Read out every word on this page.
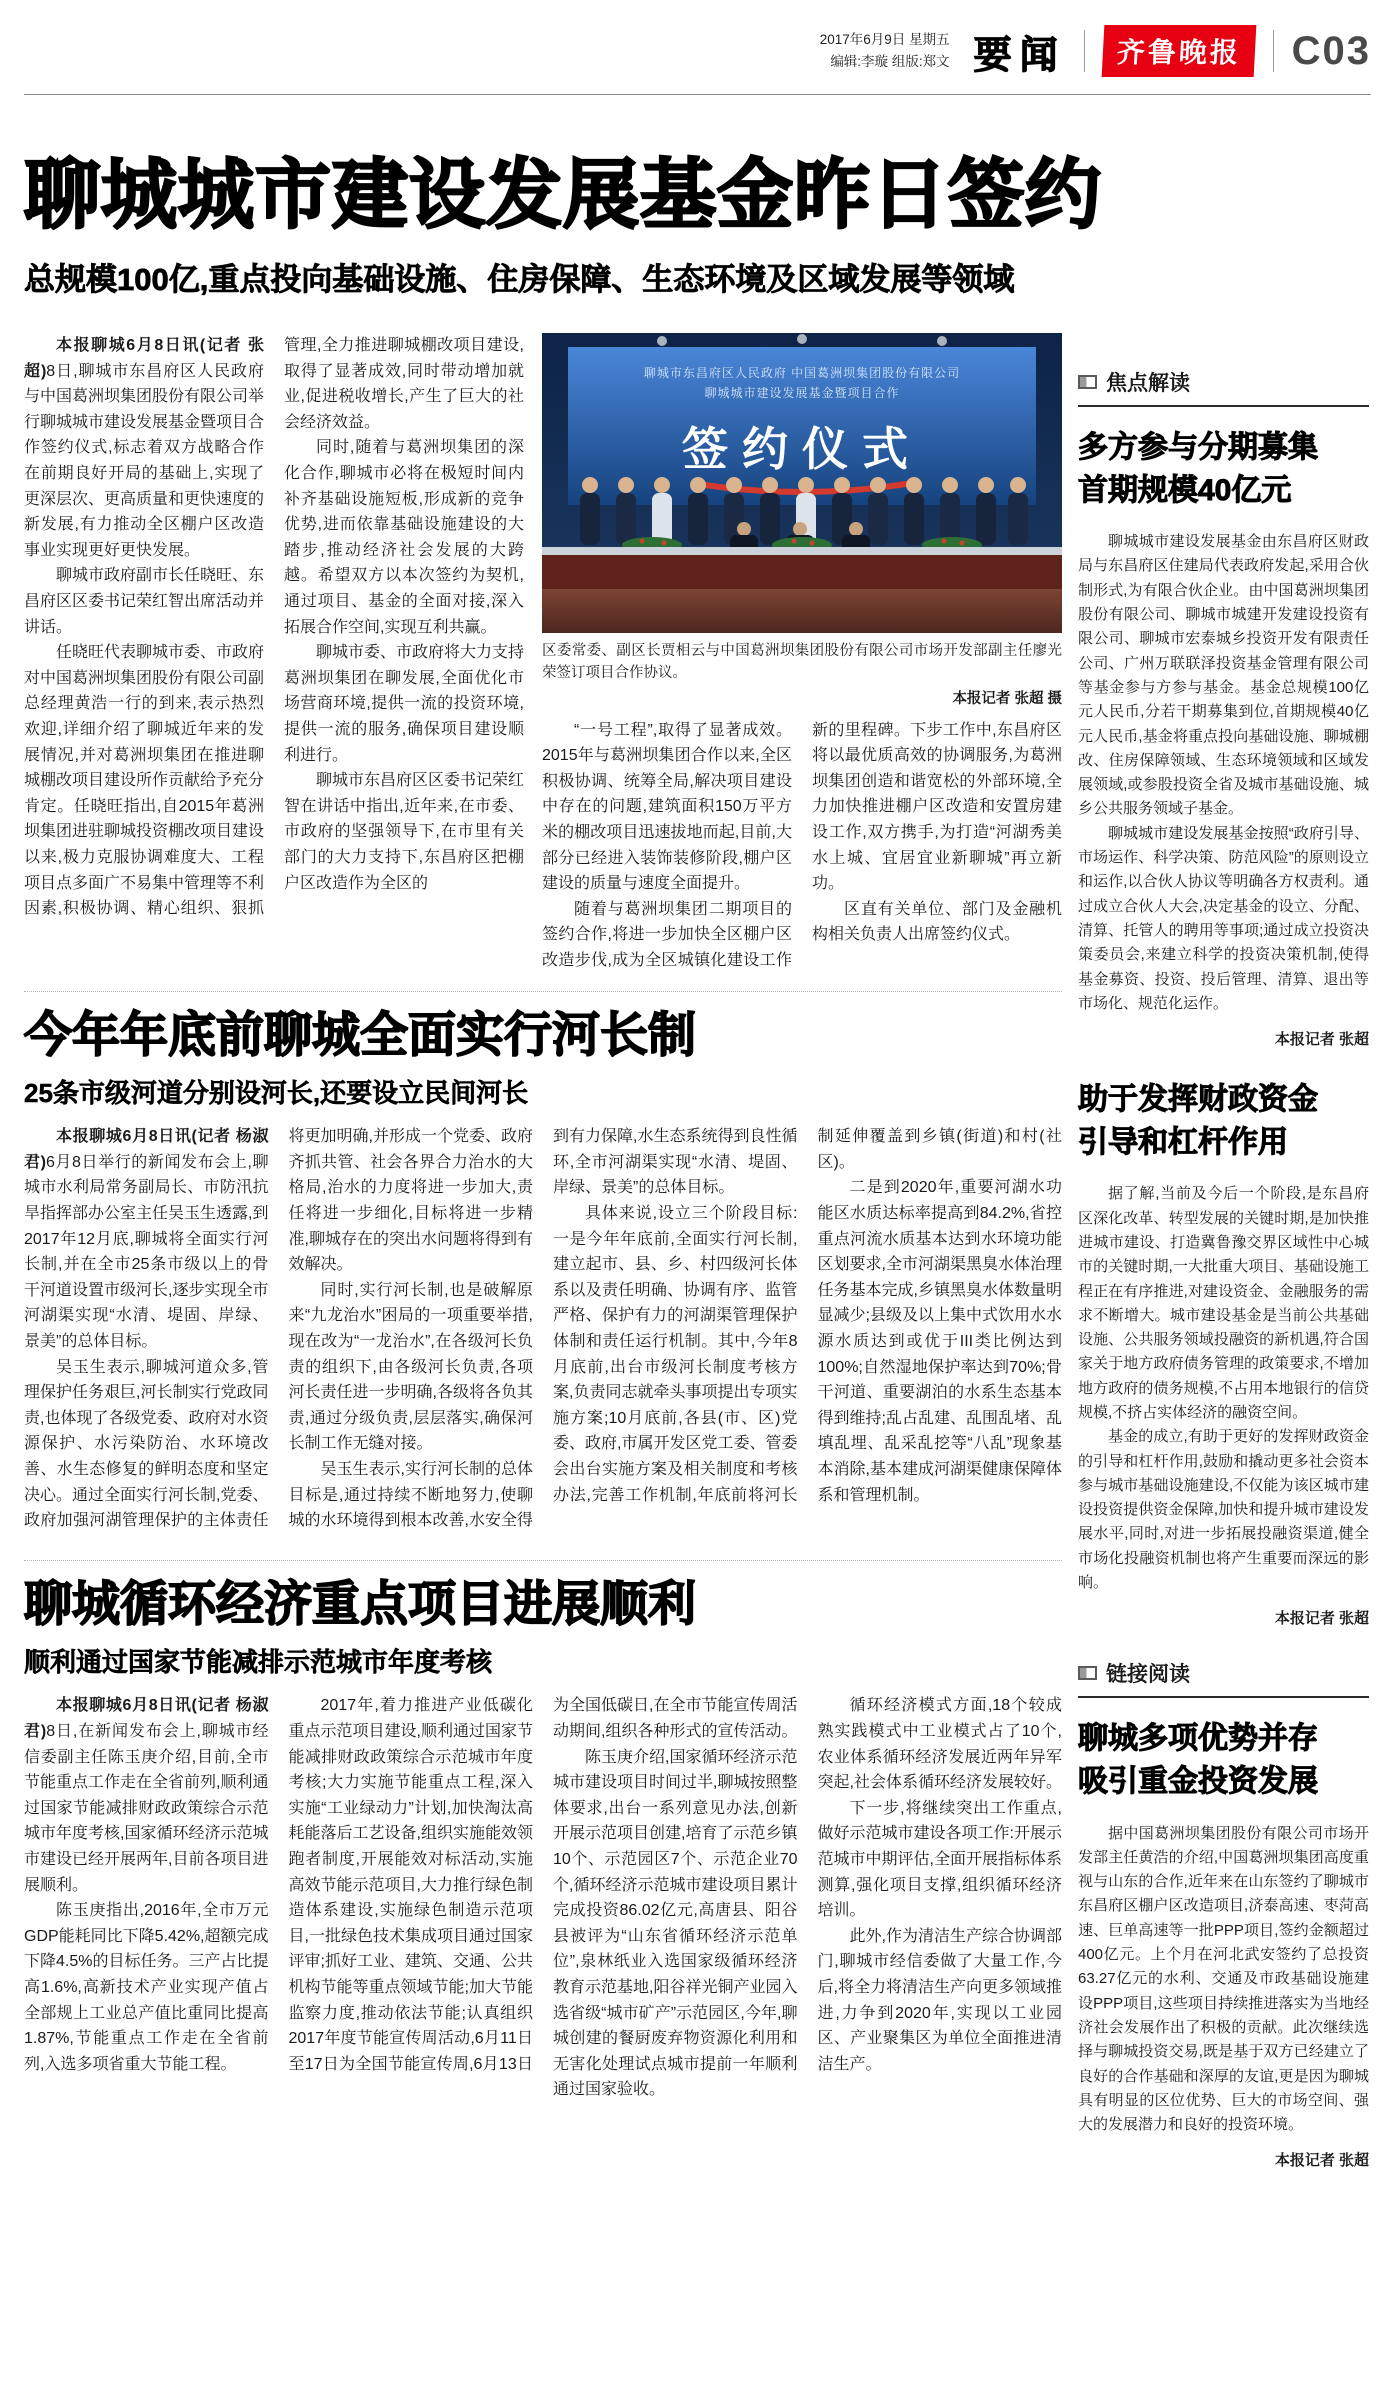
2017年6月9日 星期五
编辑:李璇 组版:郑文 要闻	齐鲁晚报	C03
聊城城市建设发展基金昨日签约
总规模100亿,重点投向基础设施、住房保障、生态环境及区域发展等领域

本报聊城6月8日讯(记者 张超)8日,聊城市东昌府区人民政府与中国葛洲坝集团股份有限公司举行聊城城市建设发展基金暨项目合作签约仪式,标志着双方战略合作在前期良好开局的基础上,实现了更深层次、更高质量和更快速度的新发展,有力推动全区棚户区改造事业实现更好更快发展。

聊城市政府副市长任晓旺、东昌府区区委书记荣红智出席活动并讲话。

任晓旺代表聊城市委、市政府对中国葛洲坝集团股份有限公司副总经理黄浩一行的到来,表示热烈欢迎,详细介绍了聊城近年来的发展情况,并对葛洲坝集团在推进聊城棚改项目建设所作贡献给予充分肯定。任晓旺指出,自2015年葛洲坝集团进驻聊城投资棚改项目建设以来,极力克服协调难度大、工程项目点多面广不易集中管理等不利因素,积极协调、精心组织、狠抓管理,全力推进聊城棚改项目建设,取得了显著成效,同时带动增加就业,促进税收增长,产生了巨大的社会经济效益。

同时,随着与葛洲坝集团的深化合作,聊城市必将在极短时间内补齐基础设施短板,形成新的竞争优势,进而依靠基础设施建设的大踏步,推动经济社会发展的大跨越。希望双方以本次签约为契机,通过项目、基金的全面对接,深入拓展合作空间,实现互利共赢。

聊城市委、市政府将大力支持葛洲坝集团在聊发展,全面优化市场营商环境,提供一流的投资环境,提供一流的服务,确保项目建设顺利进行。

聊城市东昌府区区委书记荣红智在讲话中指出,近年来,在市委、市政府的坚强领导下,在市里有关部门的大力支持下,东昌府区把棚户区改造作为全区的

聊城市东昌府区人民政府 中国葛洲坝集团股份有限公司
聊城城市建设发展基金暨项目合作
签约仪式

区委常委、副区长贾相云与中国葛洲坝集团股份有限公司市场开发部副主任廖光荣签订项目合作协议。

本报记者 张超 摄

“一号工程”,取得了显著成效。2015年与葛洲坝集团合作以来,全区积极协调、统筹全局,解决项目建设中存在的问题,建筑面积150万平方米的棚改项目迅速拔地而起,目前,大部分已经进入装饰装修阶段,棚户区建设的质量与速度全面提升。

随着与葛洲坝集团二期项目的签约合作,将进一步加快全区棚户区改造步伐,成为全区城镇化建设工作新的里程碑。下步工作中,东昌府区将以最优质高效的协调服务,为葛洲坝集团创造和谐宽松的外部环境,全力加快推进棚户区改造和安置房建设工作,双方携手,为打造“河湖秀美水上城、宜居宜业新聊城”再立新功。

区直有关单位、部门及金融机构相关负责人出席签约仪式。

今年年底前聊城全面实行河长制
25条市级河道分别设河长,还要设立民间河长

本报聊城6月8日讯(记者 杨淑君)6月8日举行的新闻发布会上,聊城市水利局常务副局长、市防汛抗旱指挥部办公室主任吴玉生透露,到2017年12月底,聊城将全面实行河长制,并在全市25条市级以上的骨干河道设置市级河长,逐步实现全市河湖渠实现“水清、堤固、岸绿、景美”的总体目标。

吴玉生表示,聊城河道众多,管理保护任务艰巨,河长制实行党政同责,也体现了各级党委、政府对水资源保护、水污染防治、水环境改善、水生态修复的鲜明态度和坚定决心。通过全面实行河长制,党委、政府加强河湖管理保护的主体责任将更加明确,并形成一个党委、政府齐抓共管、社会各界合力治水的大格局,治水的力度将进一步加大,责任将进一步细化,目标将进一步精准,聊城存在的突出水问题将得到有效解决。

同时,实行河长制,也是破解原来“九龙治水”困局的一项重要举措,现在改为“一龙治水”,在各级河长负责的组织下,由各级河长负责,各项河长责任进一步明确,各级将各负其责,通过分级负责,层层落实,确保河长制工作无缝对接。

吴玉生表示,实行河长制的总体目标是,通过持续不断地努力,使聊城的水环境得到根本改善,水安全得到有力保障,水生态系统得到良性循环,全市河湖渠实现“水清、堤固、岸绿、景美”的总体目标。

具体来说,设立三个阶段目标:一是今年年底前,全面实行河长制,建立起市、县、乡、村四级河长体系以及责任明确、协调有序、监管严格、保护有力的河湖渠管理保护体制和责任运行机制。其中,今年8月底前,出台市级河长制度考核方案,负责同志就牵头事项提出专项实施方案;10月底前,各县(市、区)党委、政府,市属开发区党工委、管委会出台实施方案及相关制度和考核办法,完善工作机制,年底前将河长制延伸覆盖到乡镇(街道)和村(社区)。

二是到2020年,重要河湖水功能区水质达标率提高到84.2%,省控重点河流水质基本达到水环境功能区划要求,全市河湖渠黑臭水体治理任务基本完成,乡镇黑臭水体数量明显减少;县级及以上集中式饮用水水源水质达到或优于III类比例达到100%;自然湿地保护率达到70%;骨干河道、重要湖泊的水系生态基本得到维持;乱占乱建、乱围乱堵、乱填乱埋、乱采乱挖等“八乱”现象基本消除,基本建成河湖渠健康保障体系和管理机制。

聊城循环经济重点项目进展顺利
顺利通过国家节能减排示范城市年度考核

本报聊城6月8日讯(记者 杨淑君)8日,在新闻发布会上,聊城市经信委副主任陈玉庚介绍,目前,全市节能重点工作走在全省前列,顺利通过国家节能减排财政政策综合示范城市年度考核,国家循环经济示范城市建设已经开展两年,目前各项目进展顺利。

陈玉庚指出,2016年,全市万元GDP能耗同比下降5.42%,超额完成下降4.5%的目标任务。三产占比提高1.6%,高新技术产业实现产值占全部规上工业总产值比重同比提高1.87%,节能重点工作走在全省前列,入选多项省重大节能工程。

2017年,着力推进产业低碳化重点示范项目建设,顺利通过国家节能减排财政政策综合示范城市年度考核;大力实施节能重点工程,深入实施“工业绿动力”计划,加快淘汰高耗能落后工艺设备,组织实施能效领跑者制度,开展能效对标活动,实施高效节能示范项目,大力推行绿色制造体系建设,实施绿色制造示范项目,一批绿色技术集成项目通过国家评审;抓好工业、建筑、交通、公共机构节能等重点领域节能;加大节能监察力度,推动依法节能;认真组织2017年度节能宣传周活动,6月11日至17日为全国节能宣传周,6月13日为全国低碳日,在全市节能宣传周活动期间,组织各种形式的宣传活动。

陈玉庚介绍,国家循环经济示范城市建设项目时间过半,聊城按照整体要求,出台一系列意见办法,创新开展示范项目创建,培育了示范乡镇10个、示范园区7个、示范企业70个,循环经济示范城市建设项目累计完成投资86.02亿元,高唐县、阳谷县被评为“山东省循环经济示范单位”,泉林纸业入选国家级循环经济教育示范基地,阳谷祥光铜产业园入选省级“城市矿产”示范园区,今年,聊城创建的餐厨废弃物资源化利用和无害化处理试点城市提前一年顺利通过国家验收。

循环经济模式方面,18个较成熟实践模式中工业模式占了10个,农业体系循环经济发展近两年异军突起,社会体系循环经济发展较好。

下一步,将继续突出工作重点,做好示范城市建设各项工作:开展示范城市中期评估,全面开展指标体系测算,强化项目支撑,组织循环经济培训。

此外,作为清洁生产综合协调部门,聊城市经信委做了大量工作,今后,将全力将清洁生产向更多领域推进,力争到2020年,实现以工业园区、产业聚集区为单位全面推进清洁生产。

焦点解读
多方参与分期募集
首期规模40亿元

聊城城市建设发展基金由东昌府区财政局与东昌府区住建局代表政府发起,采用合伙制形式,为有限合伙企业。由中国葛洲坝集团股份有限公司、聊城市城建开发建设投资有限公司、聊城市宏泰城乡投资开发有限责任公司、广州万联联泽投资基金管理有限公司等基金参与方参与基金。基金总规模100亿元人民币,分若干期募集到位,首期规模40亿元人民币,基金将重点投向基础设施、聊城棚改、住房保障领域、生态环境领域和区域发展领域,或参股投资全省及城市基础设施、城乡公共服务领域子基金。

聊城城市建设发展基金按照“政府引导、市场运作、科学决策、防范风险”的原则设立和运作,以合伙人协议等明确各方权责利。通过成立合伙人大会,决定基金的设立、分配、清算、托管人的聘用等事项;通过成立投资决策委员会,来建立科学的投资决策机制,使得基金募资、投资、投后管理、清算、退出等市场化、规范化运作。

本报记者 张超

助于发挥财政资金
引导和杠杆作用

据了解,当前及今后一个阶段,是东昌府区深化改革、转型发展的关键时期,是加快推进城市建设、打造冀鲁豫交界区域性中心城市的关键时期,一大批重大项目、基础设施工程正在有序推进,对建设资金、金融服务的需求不断增大。城市建设基金是当前公共基础设施、公共服务领域投融资的新机遇,符合国家关于地方政府债务管理的政策要求,不增加地方政府的债务规模,不占用本地银行的信贷规模,不挤占实体经济的融资空间。

基金的成立,有助于更好的发挥财政资金的引导和杠杆作用,鼓励和撬动更多社会资本参与城市基础设施建设,不仅能为该区城市建设投资提供资金保障,加快和提升城市建设发展水平,同时,对进一步拓展投融资渠道,健全市场化投融资机制也将产生重要而深远的影响。

本报记者 张超

链接阅读
聊城多项优势并存
吸引重金投资发展

据中国葛洲坝集团股份有限公司市场开发部主任黄浩的介绍,中国葛洲坝集团高度重视与山东的合作,近年来在山东签约了聊城市东昌府区棚户区改造项目,济泰高速、枣菏高速、巨单高速等一批PPP项目,签约金额超过400亿元。上个月在河北武安签约了总投资63.27亿元的水利、交通及市政基础设施建设PPP项目,这些项目持续推进落实为当地经济社会发展作出了积极的贡献。此次继续选择与聊城投资交易,既是基于双方已经建立了良好的合作基础和深厚的友谊,更是因为聊城具有明显的区位优势、巨大的市场空间、强大的发展潜力和良好的投资环境。

本报记者 张超
